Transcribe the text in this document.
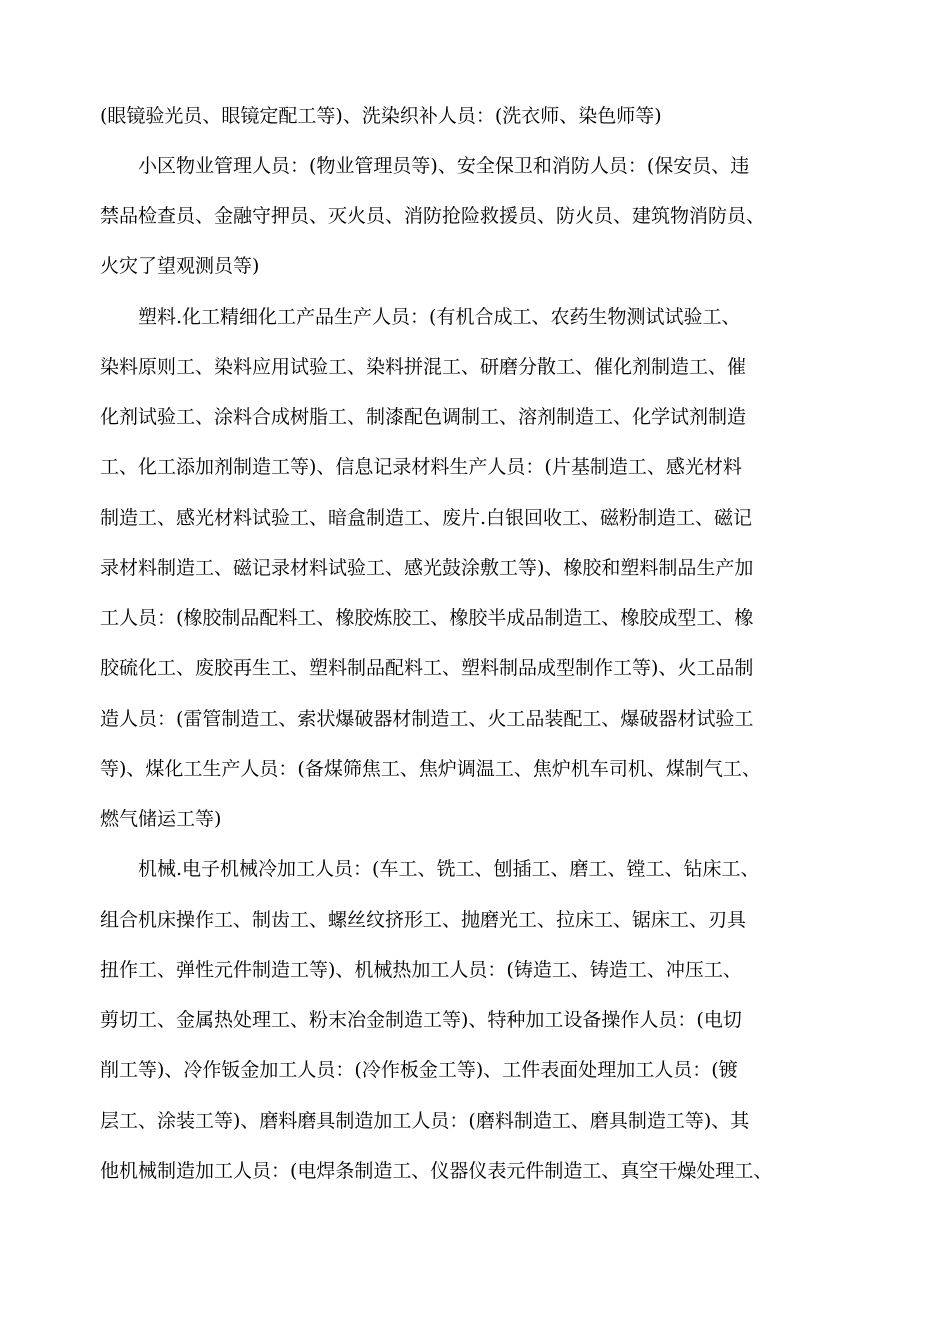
(眼镜验光员、眼镜定配工等)、洗染织补人员：(洗衣师、染色师等)
小区物业管理人员：(物业管理员等)、安全保卫和消防人员：(保安员、违
禁品检查员、金融守押员、灭火员、消防抢险救援员、防火员、建筑物消防员、
火灾了望观测员等)
塑料.化工精细化工产品生产人员：(有机合成工、农药生物测试试验工、
染料原则工、染料应用试验工、染料拼混工、研磨分散工、催化剂制造工、催
化剂试验工、涂料合成树脂工、制漆配色调制工、溶剂制造工、化学试剂制造
工、化工添加剂制造工等)、信息记录材料生产人员：(片基制造工、感光材料
制造工、感光材料试验工、暗盒制造工、废片.白银回收工、磁粉制造工、磁记
录材料制造工、磁记录材料试验工、感光鼓涂敷工等)、橡胶和塑料制品生产加
工人员：(橡胶制品配料工、橡胶炼胶工、橡胶半成品制造工、橡胶成型工、橡
胶硫化工、废胶再生工、塑料制品配料工、塑料制品成型制作工等)、火工品制
造人员：(雷管制造工、索状爆破器材制造工、火工品装配工、爆破器材试验工
等)、煤化工生产人员：(备煤筛焦工、焦炉调温工、焦炉机车司机、煤制气工、
燃气储运工等)
机械.电子机械冷加工人员：(车工、铣工、刨插工、磨工、镗工、钻床工、
组合机床操作工、制齿工、螺丝纹挤形工、抛磨光工、拉床工、锯床工、刃具
扭作工、弹性元件制造工等)、机械热加工人员：(铸造工、铸造工、冲压工、
剪切工、金属热处理工、粉末冶金制造工等)、特种加工设备操作人员：(电切
削工等)、冷作钣金加工人员：(冷作板金工等)、工件表面处理加工人员：(镀
层工、涂装工等)、磨料磨具制造加工人员：(磨料制造工、磨具制造工等)、其
他机械制造加工人员：(电焊条制造工、仪器仪表元件制造工、真空干燥处理工、
